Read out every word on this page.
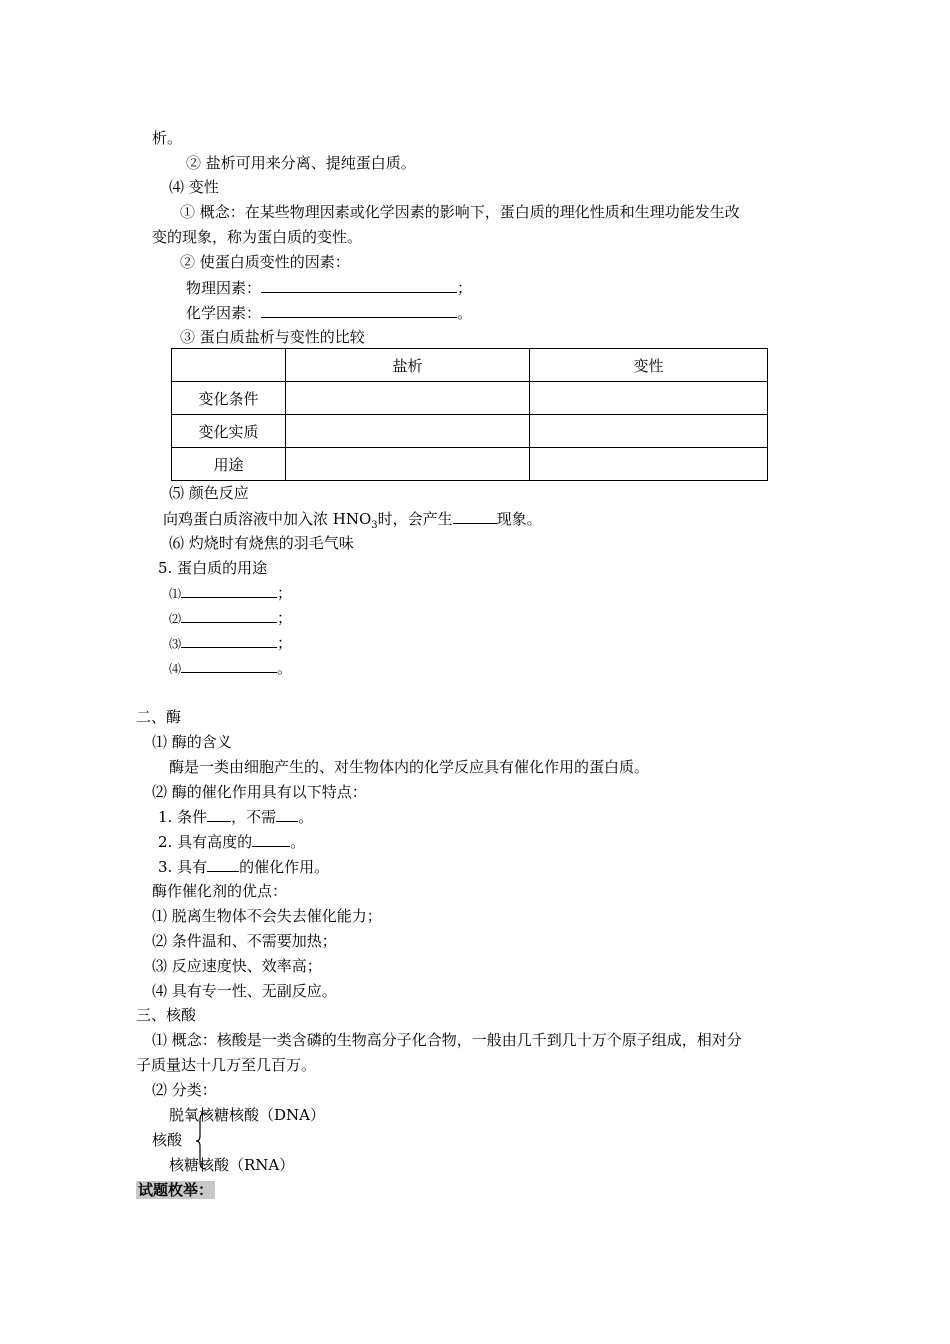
析。
② 盐析可用来分离、提纯蛋白质。
⑷ 变性
① 概念：在某些物理因素或化学因素的影响下，蛋白质的理化性质和生理功能发生改
变的现象，称为蛋白质的变性。
② 使蛋白质变性的因素：
物理因素：	；
化学因素：	。
③ 蛋白质盐析与变性的比较
	盐析	变性
变化条件		
变化实质		
用途		
⑸ 颜色反应
向鸡蛋白质溶液中加入浓 $HNO_3$时，会产生	现象。
⑹ 灼烧时有烧焦的羽毛气味
5. 蛋白质的用途
⑴	；
⑵	；
⑶	；
⑷	。
二、酶
⑴ 酶的含义
酶是一类由细胞产生的、对生物体内的化学反应具有催化作用的蛋白质。
⑵ 酶的催化作用具有以下特点：
1. 条件 ，不需 。
2. 具有高度的	。
3. 具有 的催化作用。
酶作催化剂的优点：
⑴ 脱离生物体不会失去催化能力；
⑵ 条件温和、不需要加热；
⑶ 反应速度快、效率高；
⑷ 具有专一性、无副反应。
三、核酸
⑴ 概念：核酸是一类含磷的生物高分子化合物，一般由几千到几十万个原子组成，相对分
子质量达十几万至几百万。
⑵ 分类：
脱氧核糖核酸（DNA）
核酸
核糖核酸（RNA）
试题枚举：
